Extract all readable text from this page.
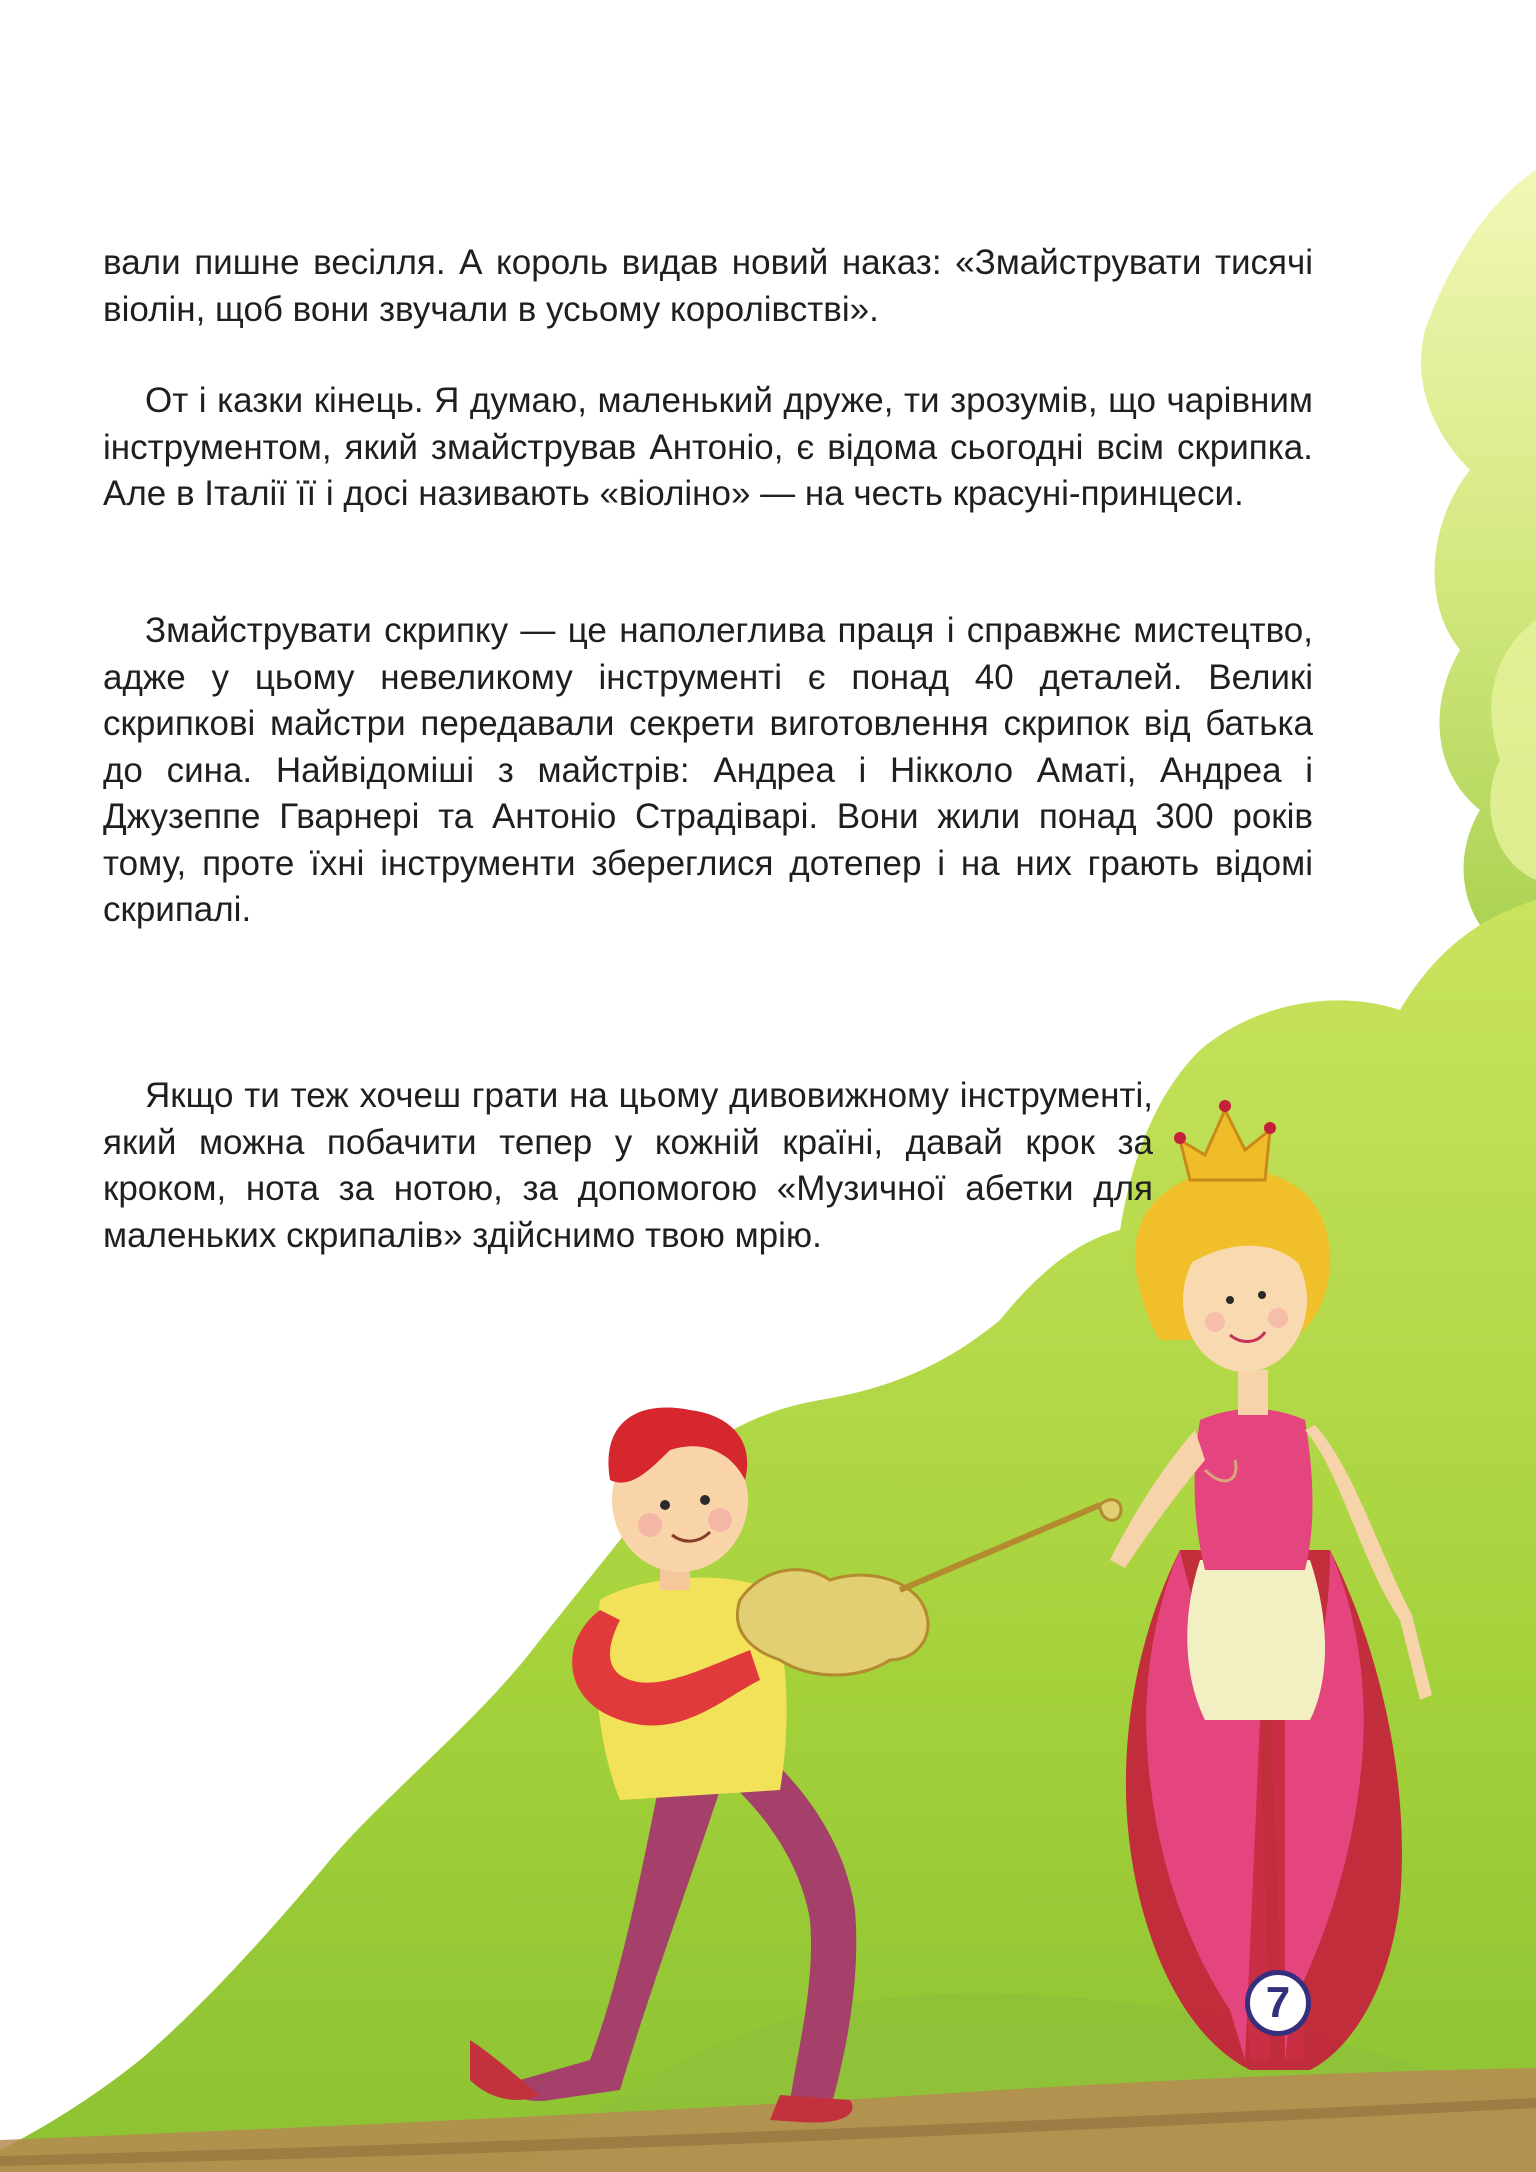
вали пишне весілля. А король видав новий наказ: «Змайструвати тисячі віолін, щоб вони звучали в усьому королівстві».

От і казки кінець. Я думаю, маленький друже, ти зрозумів, що чарівним інструментом, який змайстрував Антоніо, є відома сьогодні всім скрипка. Але в Італії її і досі називають «віоліно» — на честь красуні-принцеси.

Змайструвати скрипку — це наполеглива праця і справжнє мистецтво, адже у цьому невеликому інструменті є понад 40 деталей. Великі скрипкові майстри передавали секрети виготовлення скрипок від батька до сина. Найвідоміші з майстрів: Андреа і Нікколо Аматі, Андреа і Джузеппе Гварнері та Антоніо Страдіварі. Вони жили понад 300 років тому, проте їхні інструменти збереглися дотепер і на них грають відомі скрипалі.

Якщо ти теж хочеш грати на цьому дивовижному інструменті, який можна побачити тепер у кожній країні, давай крок за кроком, нота за нотою, за допомогою «Музичної абетки для маленьких скрипалів» здійснимо твою мрію.

7
